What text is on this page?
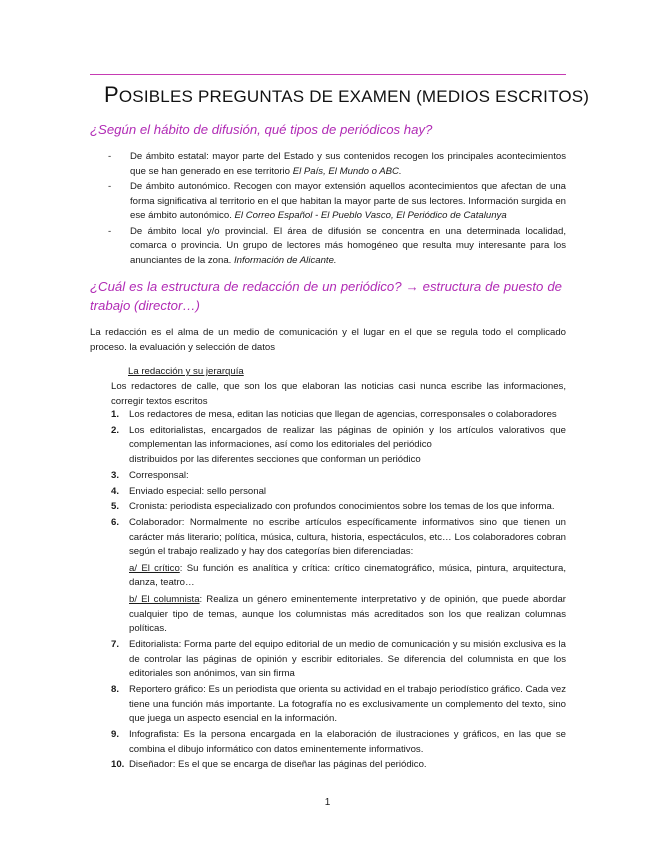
POSIBLES PREGUNTAS DE EXAMEN (MEDIOS ESCRITOS)
¿Según el hábito de difusión, qué tipos de periódicos hay?
- De ámbito estatal: mayor parte del Estado y sus contenidos recogen los principales acontecimientos que se han generado en ese territorio El País, El Mundo o ABC.
- De ámbito autonómico. Recogen con mayor extensión aquellos acontecimientos que afectan de una forma significativa al territorio en el que habitan la mayor parte de sus lectores. Información surgida en ese ámbito autonómico. El Correo Español - El Pueblo Vasco, El Periódico de Catalunya
- De ámbito local y/o provincial. El área de difusión se concentra en una determinada localidad, comarca o provincia. Un grupo de lectores más homogéneo que resulta muy interesante para los anunciantes de la zona. Información de Alicante.
¿Cuál es la estructura de redacción de un periódico? → estructura de puesto de trabajo (director…)
La redacción es el alma de un medio de comunicación y el lugar en el que se regula todo el complicado proceso. la evaluación y selección de datos
La redacción y su jerarquía
Los redactores de calle, que son los que elaboran las noticias casi nunca escribe las informaciones, corregir textos escritos
1. Los redactores de mesa, editan las noticias que llegan de agencias, corresponsales o colaboradores
2. Los editorialistas, encargados de realizar las páginas de opinión y los artículos valorativos que complementan las informaciones, así como los editoriales del periódico
distribuidos por las diferentes secciones que conforman un periódico
3. Corresponsal:
4. Enviado especial: sello personal
5. Cronista: periodista especializado con profundos conocimientos sobre los temas de los que informa.
6. Colaborador: Normalmente no escribe artículos específicamente informativos sino que tienen un carácter más literario; política, música, cultura, historia, espectáculos, etc… Los colaboradores cobran según el trabajo realizado y hay dos categorías bien diferenciadas:
a/ El crítico: Su función es analítica y crítica: crítico cinematográfico, música, pintura, arquitectura, danza, teatro…
b/ El columnista: Realiza un género eminentemente interpretativo y de opinión, que puede abordar cualquier tipo de temas, aunque los columnistas más acreditados son los que realizan columnas políticas.
7. Editorialista: Forma parte del equipo editorial de un medio de comunicación y su misión exclusiva es la de controlar las páginas de opinión y escribir editoriales. Se diferencia del columnista en que los editoriales son anónimos, van sin firma
8. Reportero gráfico: Es un periodista que orienta su actividad en el trabajo periodístico gráfico. Cada vez tiene una función más importante. La fotografía no es exclusivamente un complemento del texto, sino que juega un aspecto esencial en la información.
9. Infografista: Es la persona encargada en la elaboración de ilustraciones y gráficos, en las que se combina el dibujo informático con datos eminentemente informativos.
10. Diseñador: Es el que se encarga de diseñar las páginas del periódico.
1
